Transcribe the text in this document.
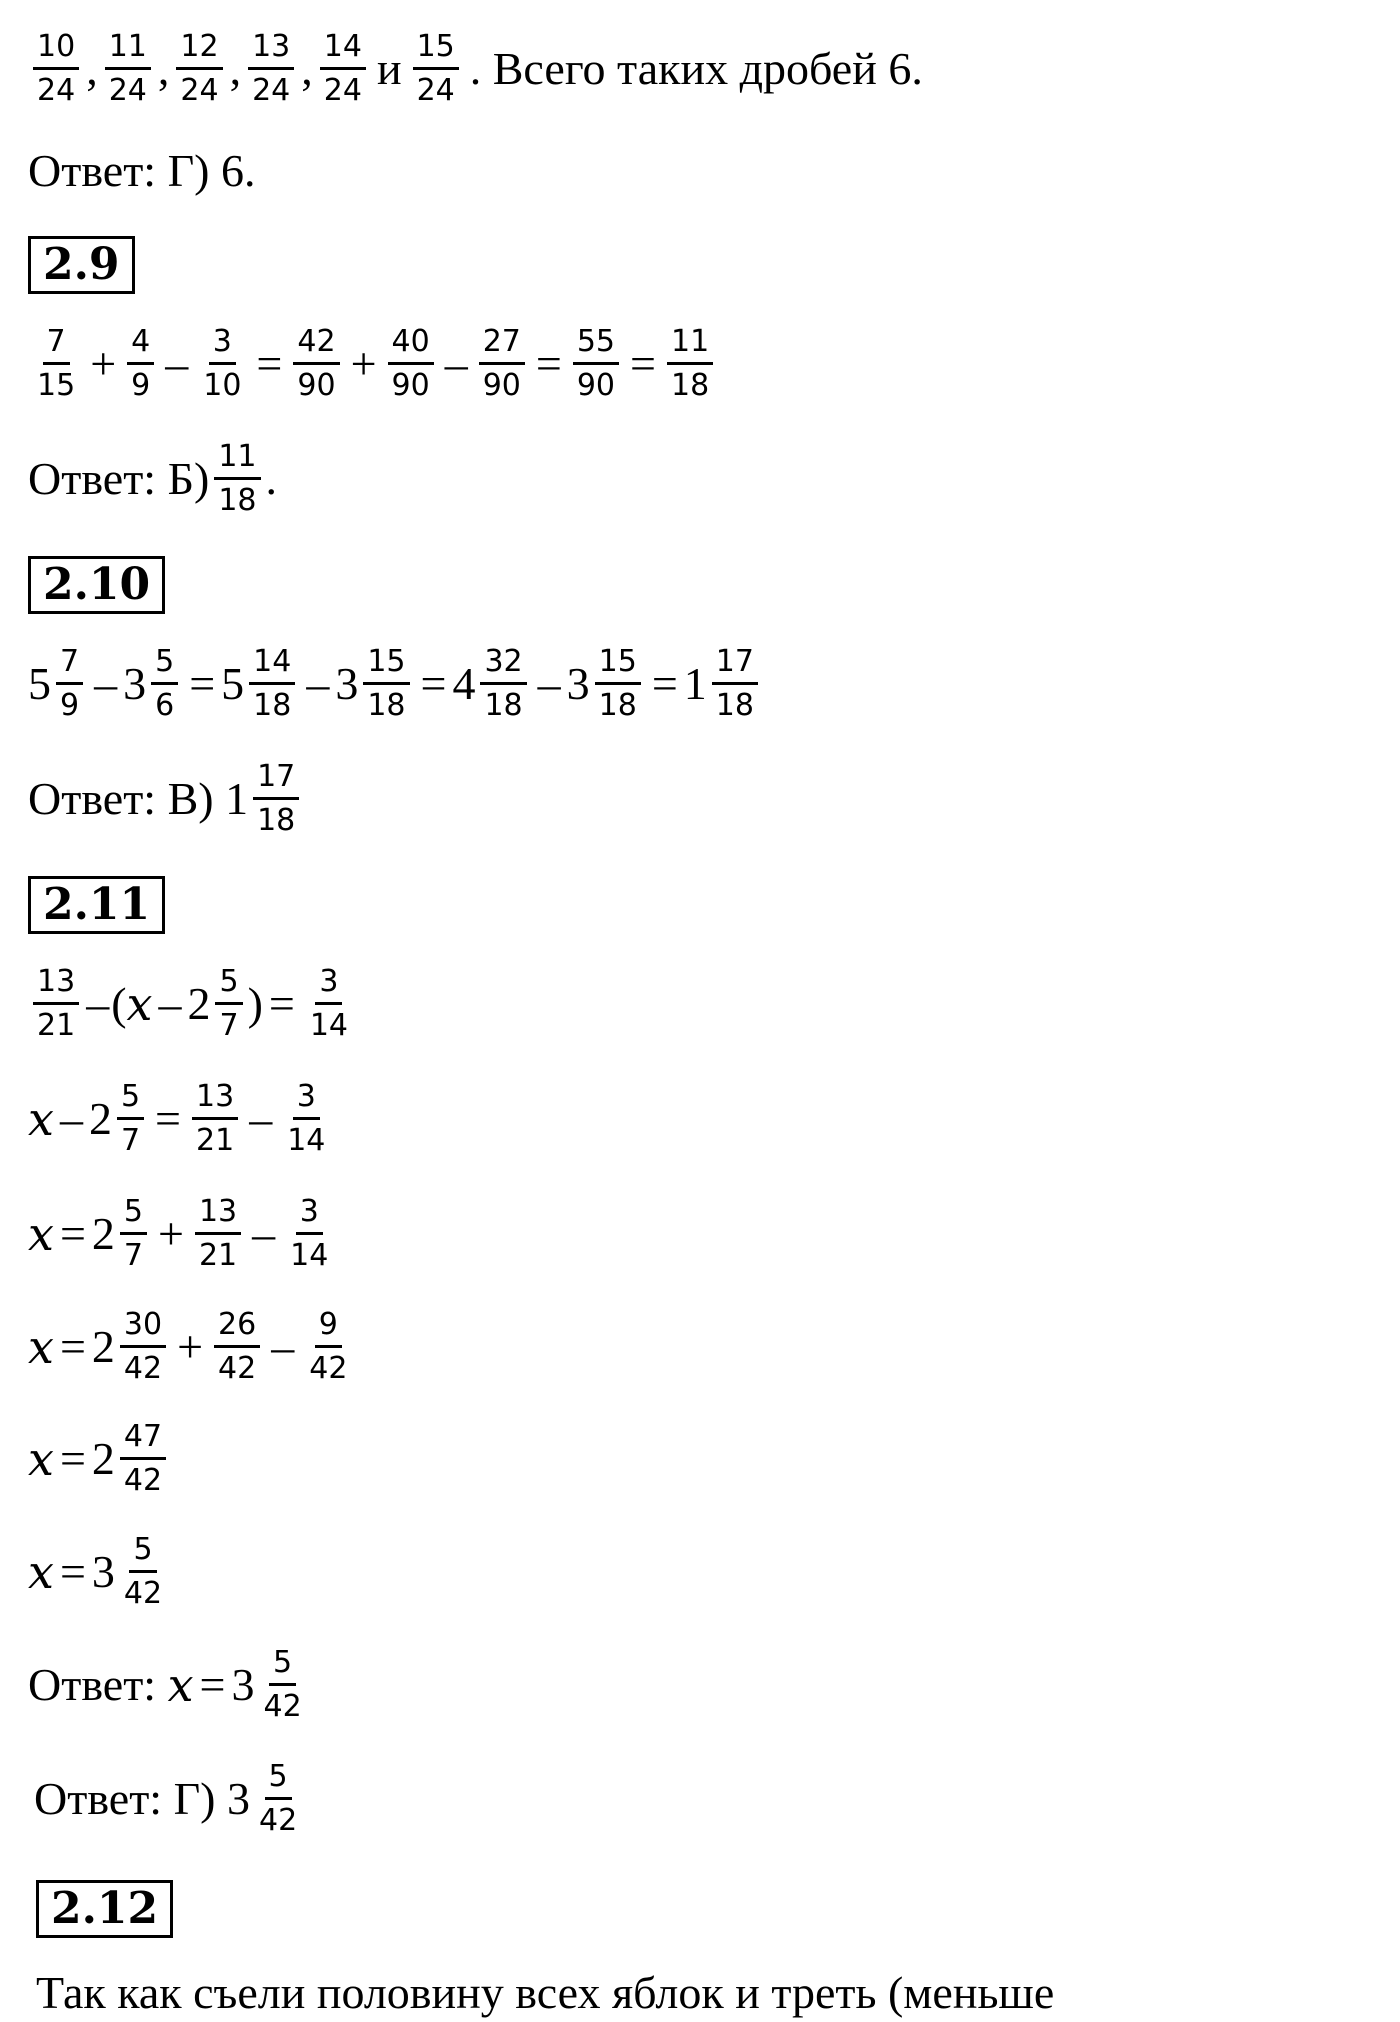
$\frac{10}{24}$ , $\frac{11}{24}$ , $\frac{12}{24}$ , $\frac{13}{24}$ , $\frac{14}{24}$ и $\frac{15}{24}$ . Всего таких дробей 6.
Ответ:
Г) 6.
2.9
$\frac{7}{15} + \frac{4}{9} - \frac{3}{10} = \frac{42}{90} + \frac{40}{90} - \frac{27}{90} = \frac{55}{90} = \frac{11}{18}$
Ответ:
$Б) \frac{11}{18}$ .
2.10
$5 \frac{7}{9} - 3 \frac{5}{6} = 5 \frac{14}{18} - 3 \frac{15}{18} = 4 \frac{32}{18} - 3 \frac{15}{18} = 1 \frac{17}{18}$
Ответ:
В)
$1 \frac{17}{18}$
2.11
$\frac{13}{21}$ – ( x – $2 \frac{5}{7}$ ) = $\frac{3}{14}$
$x - 2 \frac{5}{7} = \frac{13}{21} - \frac{3}{14}$
$x = 2 \frac{5}{7} + \frac{13}{21} - \frac{3}{14}$
$x = 2 \frac{30}{42} + \frac{26}{42} - \frac{9}{42}$
$x = 2 \frac{47}{42}$
$x = 3 \frac{5}{42}$
Ответ:
$x = 3 \frac{5}{42}$
Ответ:
Г)
$3 \frac{5}{42}$
2.12
Так как съели половину всех яблок и треть (меньше
